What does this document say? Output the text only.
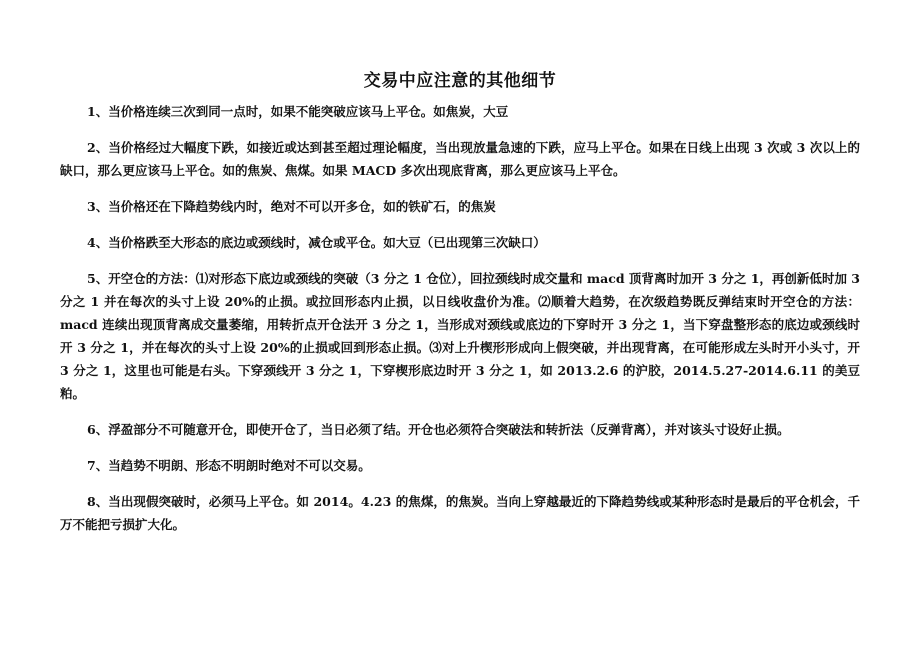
交易中应注意的其他细节

1、当价格连续三次到同一点时，如果不能突破应该马上平仓。如焦炭，大豆

2、当价格经过大幅度下跌，如接近或达到甚至超过理论幅度，当出现放量急速的下跌，应马上平仓。如果在日线上出现 3 次或 3 次以上的缺口，那么更应该马上平仓。如的焦炭、焦煤。如果 MACD 多次出现底背离，那么更应该马上平仓。

3、当价格还在下降趋势线内时，绝对不可以开多仓，如的铁矿石，的焦炭

4、当价格跌至大形态的底边或颈线时，减仓或平仓。如大豆（已出现第三次缺口）

5、开空仓的方法：⑴对形态下底边或颈线的突破（3 分之 1 仓位），回拉颈线时成交量和 macd 顶背离时加开 3 分之 1，再创新低时加 3 分之 1 并在每次的头寸上设 20%的止损。或拉回形态内止损，以日线收盘价为准。⑵顺着大趋势，在次级趋势既反弹结束时开空仓的方法：macd 连续出现顶背离成交量萎缩，用转折点开仓法开 3 分之 1，当形成对颈线或底边的下穿时开 3 分之 1，当下穿盘整形态的底边或颈线时开 3 分之 1，并在每次的头寸上设 20%的止损或回到形态止损。⑶对上升楔形形成向上假突破，并出现背离，在可能形成左头时开小头寸，开 3 分之 1，这里也可能是右头。下穿颈线开 3 分之 1，下穿楔形底边时开 3 分之 1，如 2013.2.6 的沪胶，2014.5.27-2014.6.11 的美豆粕。

6、浮盈部分不可随意开仓，即使开仓了，当日必须了结。开仓也必须符合突破法和转折法（反弹背离），并对该头寸设好止损。

7、当趋势不明朗、形态不明朗时绝对不可以交易。

8、当出现假突破时，必须马上平仓。如 2014。4.23 的焦煤，的焦炭。当向上穿越最近的下降趋势线或某种形态时是最后的平仓机会，千万不能把亏损扩大化。
